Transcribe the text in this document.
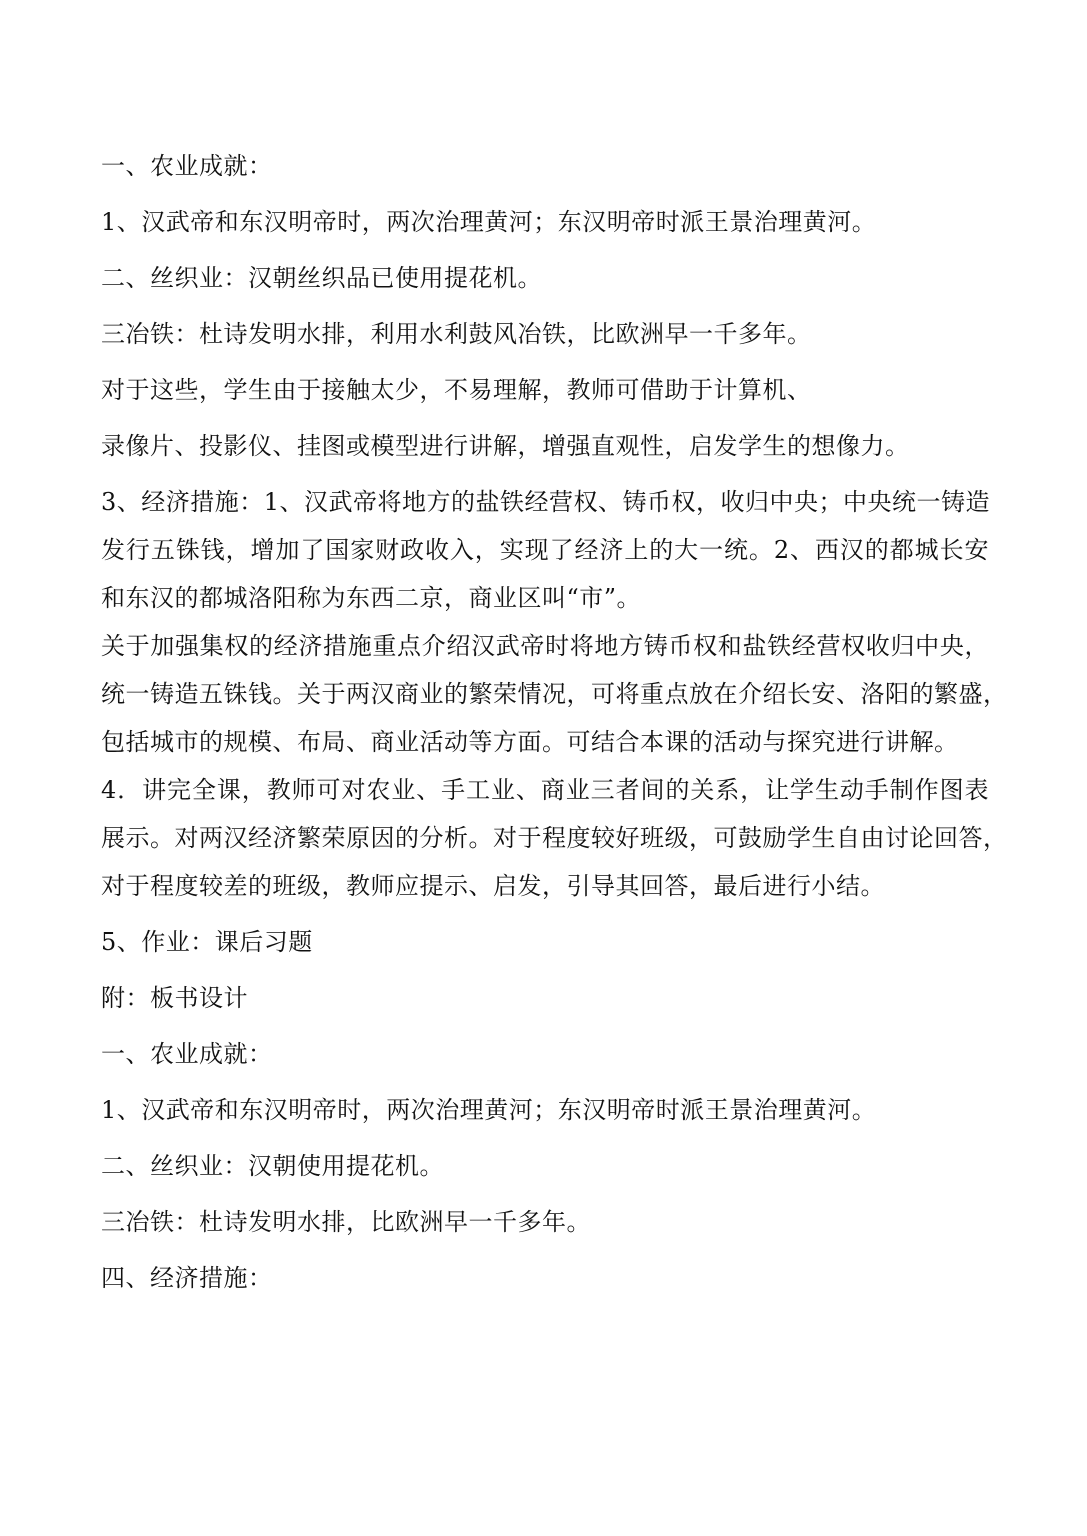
一、农业成就：

1、汉武帝和东汉明帝时，两次治理黄河；东汉明帝时派王景治理黄河。

二、丝织业：汉朝丝织品已使用提花机。

三冶铁：杜诗发明水排，利用水利鼓风冶铁，比欧洲早一千多年。

对于这些，学生由于接触太少，不易理解，教师可借助于计算机、

录像片、投影仪、挂图或模型进行讲解，增强直观性，启发学生的想像力。

3、经济措施：1、汉武帝将地方的盐铁经营权、铸币权，收归中央；中央统一铸造

发行五铢钱，增加了国家财政收入，实现了经济上的大一统。2、西汉的都城长安

和东汉的都城洛阳称为东西二京，商业区叫“市”。

关于加强集权的经济措施重点介绍汉武帝时将地方铸币权和盐铁经营权收归中央，

统一铸造五铢钱。关于两汉商业的繁荣情况，可将重点放在介绍长安、洛阳的繁盛，

包括城市的规模、布局、商业活动等方面。可结合本课的活动与探究进行讲解。

4．讲完全课，教师可对农业、手工业、商业三者间的关系，让学生动手制作图表

展示。对两汉经济繁荣原因的分析。对于程度较好班级，可鼓励学生自由讨论回答，

对于程度较差的班级，教师应提示、启发，引导其回答，最后进行小结。

5、作业：课后习题

附：板书设计

一、农业成就：

1、汉武帝和东汉明帝时，两次治理黄河；东汉明帝时派王景治理黄河。

二、丝织业：汉朝使用提花机。

三冶铁：杜诗发明水排，比欧洲早一千多年。

四、经济措施：
